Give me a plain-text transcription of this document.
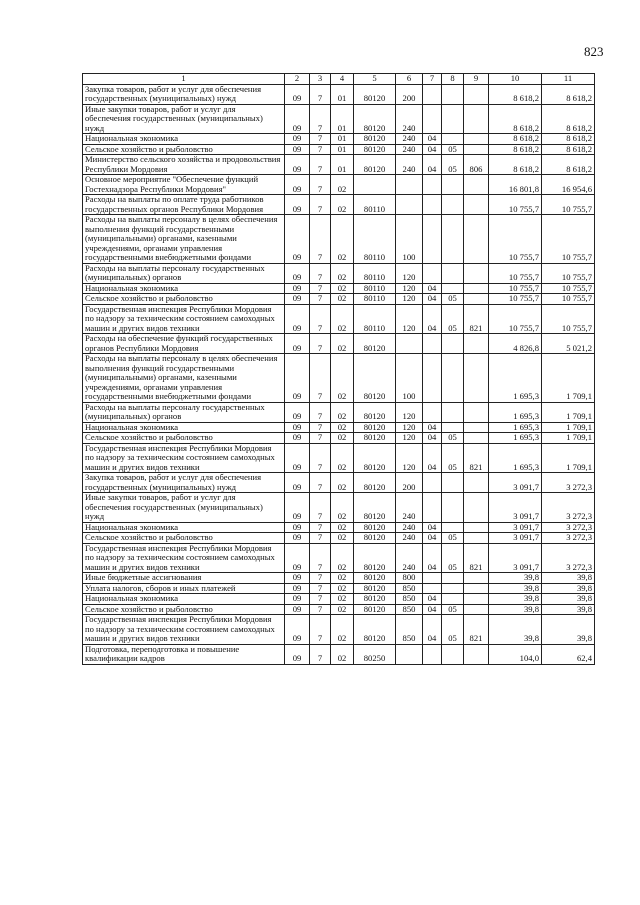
823
1	2	3	4	5	6	7	8	9	10	11
Закупка товаров, работ и услуг для обеспечения государственных (муниципальных) нужд	09	7	01	80120	200				8 618,2	8 618,2
Иные закупки товаров, работ и услуг для обеспечения государственных (муниципальных) нужд	09	7	01	80120	240				8 618,2	8 618,2
Национальная экономика	09	7	01	80120	240	04			8 618,2	8 618,2
Сельское хозяйство и рыболовство	09	7	01	80120	240	04	05		8 618,2	8 618,2
Министерство сельского хозяйства и продовольствия Республики Мордовия	09	7	01	80120	240	04	05	806	8 618,2	8 618,2
Основное мероприятие "Обеспечение функций Гостехнадзора Республики Мордовия"	09	7	02						16 801,8	16 954,6
Расходы на выплаты по оплате труда работников государственных органов Республики Мордовия	09	7	02	80110					10 755,7	10 755,7
Расходы на выплаты персоналу в целях обеспечения выполнения функций государственными (муниципальными) органами, казенными учреждениями, органами управления государственными внебюджетными фондами	09	7	02	80110	100				10 755,7	10 755,7
Расходы на выплаты персоналу государственных (муниципальных) органов	09	7	02	80110	120				10 755,7	10 755,7
Национальная экономика	09	7	02	80110	120	04			10 755,7	10 755,7
Сельское хозяйство и рыболовство	09	7	02	80110	120	04	05		10 755,7	10 755,7
Государственная инспекция Республики Мордовия по надзору за техническим состоянием самоходных машин и других видов техники	09	7	02	80110	120	04	05	821	10 755,7	10 755,7
Расходы на обеспечение функций государственных органов Республики Мордовия	09	7	02	80120					4 826,8	5 021,2
Расходы на выплаты персоналу в целях обеспечения выполнения функций государственными (муниципальными) органами, казенными учреждениями, органами управления государственными внебюджетными фондами	09	7	02	80120	100				1 695,3	1 709,1
Расходы на выплаты персоналу государственных (муниципальных) органов	09	7	02	80120	120				1 695,3	1 709,1
Национальная экономика	09	7	02	80120	120	04			1 695,3	1 709,1
Сельское хозяйство и рыболовство	09	7	02	80120	120	04	05		1 695,3	1 709,1
Государственная инспекция Республики Мордовия по надзору за техническим состоянием самоходных машин и других видов техники	09	7	02	80120	120	04	05	821	1 695,3	1 709,1
Закупка товаров, работ и услуг для обеспечения государственных (муниципальных) нужд	09	7	02	80120	200				3 091,7	3 272,3
Иные закупки товаров, работ и услуг для обеспечения государственных (муниципальных) нужд	09	7	02	80120	240				3 091,7	3 272,3
Национальная экономика	09	7	02	80120	240	04			3 091,7	3 272,3
Сельское хозяйство и рыболовство	09	7	02	80120	240	04	05		3 091,7	3 272,3
Государственная инспекция Республики Мордовия по надзору за техническим состоянием самоходных машин и других видов техники	09	7	02	80120	240	04	05	821	3 091,7	3 272,3
Иные бюджетные ассигнования	09	7	02	80120	800				39,8	39,8
Уплата налогов, сборов и иных платежей	09	7	02	80120	850				39,8	39,8
Национальная экономика	09	7	02	80120	850	04			39,8	39,8
Сельское хозяйство и рыболовство	09	7	02	80120	850	04	05		39,8	39,8
Государственная инспекция Республики Мордовия по надзору за техническим состоянием самоходных машин и других видов техники	09	7	02	80120	850	04	05	821	39,8	39,8
Подготовка, переподготовка и повышение квалификации кадров	09	7	02	80250					104,0	62,4
